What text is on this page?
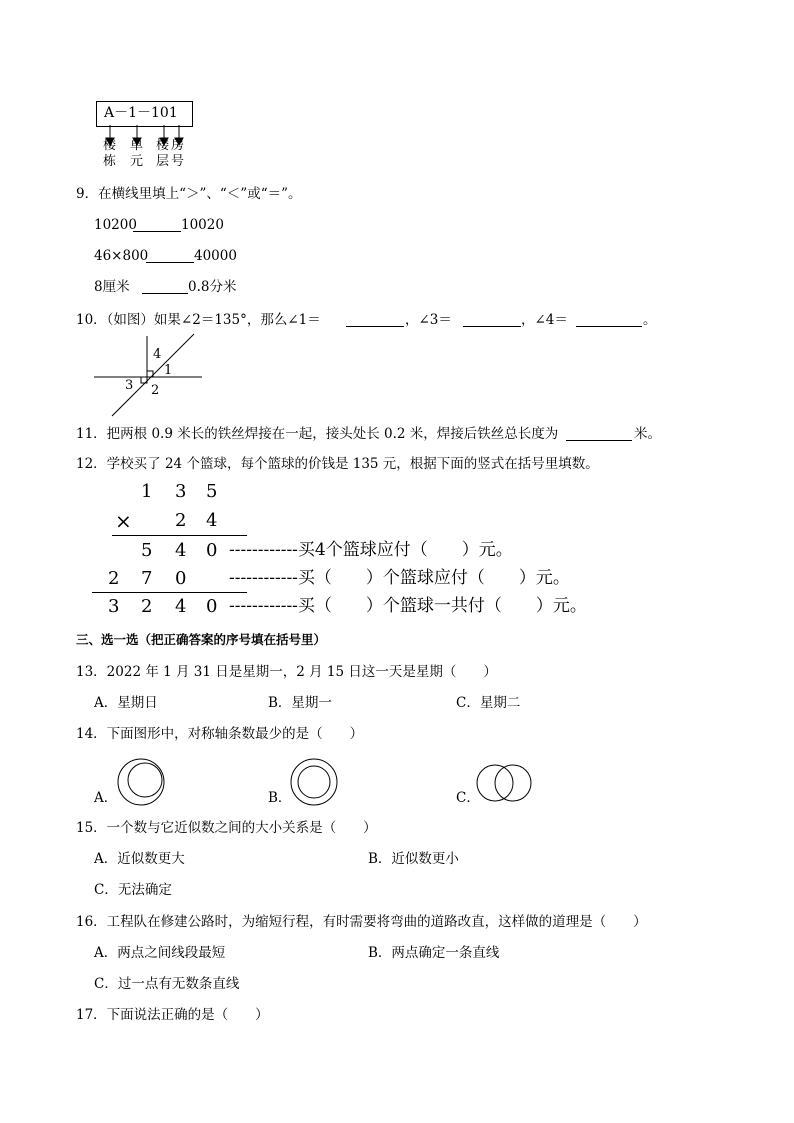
A－1－101
楼
栋
单
元
楼
层
房
号
9．在横线里填上“＞”、“＜”或“＝”。
10200	10020
46×800	40000
8厘米	0.8分米
10．（如图）如果∠2＝135°，那么∠1＝	，∠3＝	，∠4＝	。
4
1
3 2
11．把两根 0.9 米长的铁丝焊接在一起，接头处长 0.2 米，焊接后铁丝总长度为	米。
12．学校买了 24 个篮球，每个篮球的价钱是 135 元，根据下面的竖式在括号里填数。
1 3 5
× 2 4
5 4 0 ------------买4个篮球应付（　　）元。
2 7 0	------------买（　　）个篮球应付（　　）元。
3 2 4 0 ------------买（　　）个篮球一共付（　　）元。
三、选一选（把正确答案的序号填在括号里）
13．2022 年 1 月 31 日是星期一，2 月 15 日这一天是星期（　　）
A．星期日	B．星期一	C．星期二
14．下面图形中，对称轴条数最少的是（　　）
A．	B．	C．
15．一个数与它近似数之间的大小关系是（　　）
A．近似数更大	B．近似数更小
C．无法确定
16．工程队在修建公路时，为缩短行程，有时需要将弯曲的道路改直，这样做的道理是（　　）
A．两点之间线段最短	B．两点确定一条直线
C．过一点有无数条直线
17．下面说法正确的是（　　）
